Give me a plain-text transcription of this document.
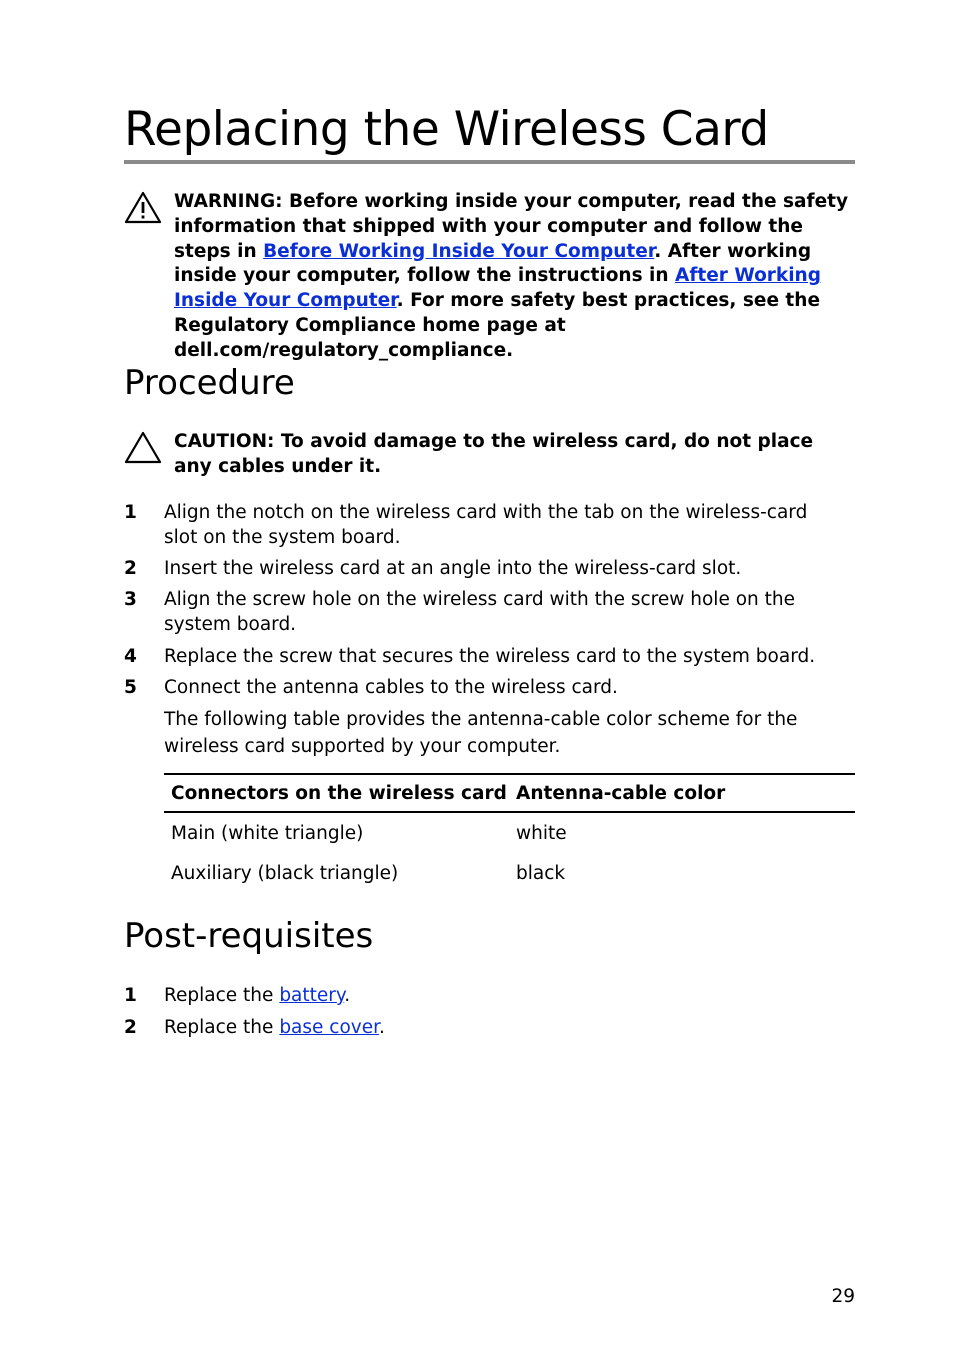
Replacing the Wireless Card
WARNING: Before working inside your computer, read the safety information that shipped with your computer and follow the steps in Before Working Inside Your Computer. After working inside your computer, follow the instructions in After Working Inside Your Computer. For more safety best practices, see the Regulatory Compliance home page at dell.com/regulatory_compliance.
Procedure
CAUTION: To avoid damage to the wireless card, do not place any cables under it.
1 Align the notch on the wireless card with the tab on the wireless-card slot on the system board.
2 Insert the wireless card at an angle into the wireless-card slot.
3 Align the screw hole on the wireless card with the screw hole on the system board.
4 Replace the screw that secures the wireless card to the system board.
5 Connect the antenna cables to the wireless card.
The following table provides the antenna-cable color scheme for the wireless card supported by your computer.
Connectors on the wireless card	Antenna-cable color
Main (white triangle)	white
Auxiliary (black triangle)	black
Post-requisites
1 Replace the battery.
2 Replace the base cover.
29
